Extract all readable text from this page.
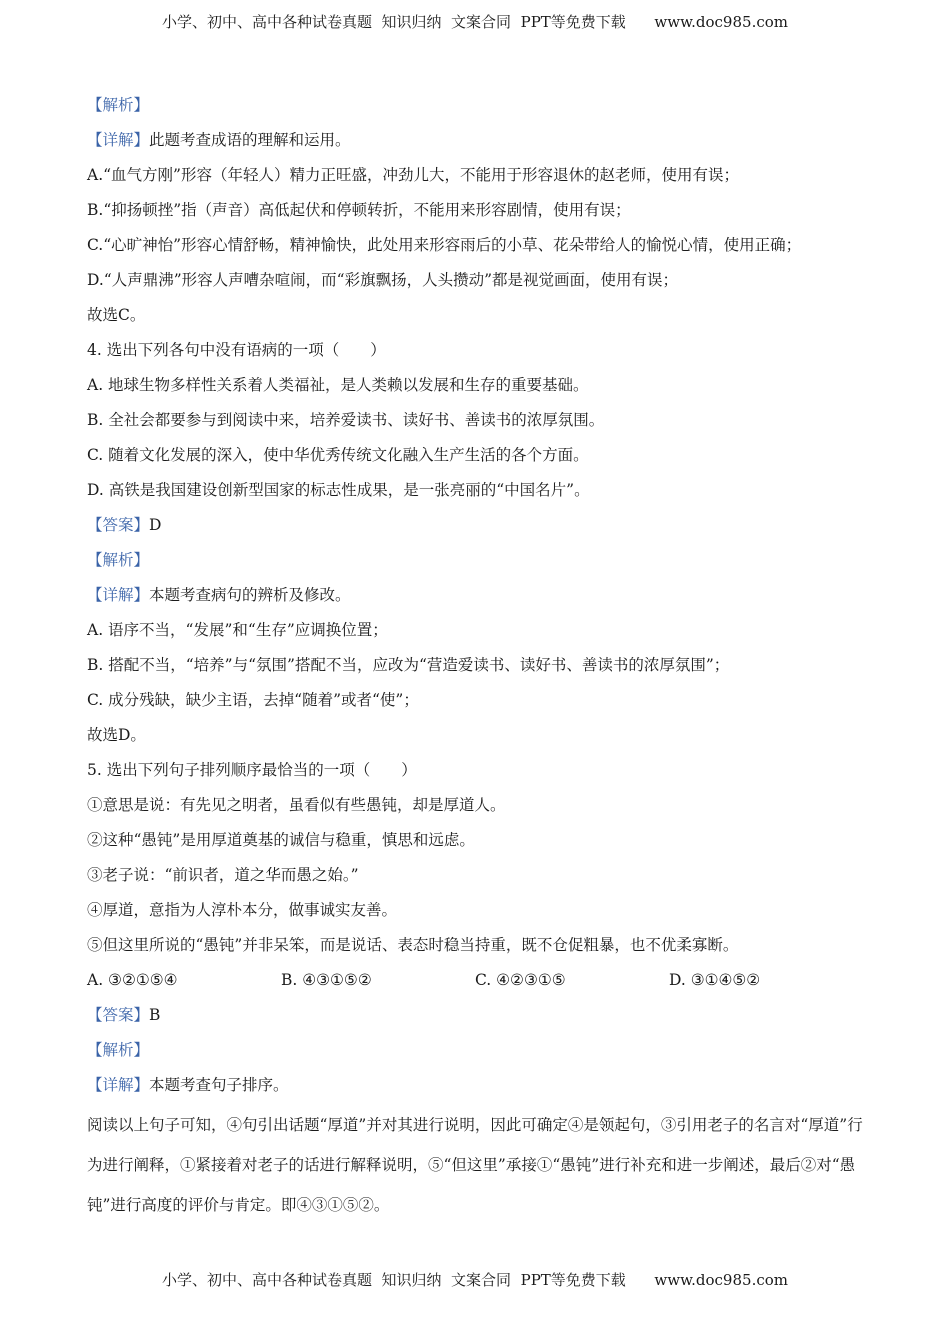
小学、初中、高中各种试卷真题  知识归纳  文案合同  PPT等免费下载      www.doc985.com
【解析】
【详解】此题考查成语的理解和运用。
A.“血气方刚”形容（年轻人）精力正旺盛，冲劲儿大，不能用于形容退休的赵老师，使用有误；
B.“抑扬顿挫”指（声音）高低起伏和停顿转折，不能用来形容剧情，使用有误；
C.“心旷神怡”形容心情舒畅，精神愉快，此处用来形容雨后的小草、花朵带给人的愉悦心情，使用正确；
D.“人声鼎沸”形容人声嘈杂喧闹，而“彩旗飘扬，人头攒动”都是视觉画面，使用有误；
故选C。
4. 选出下列各句中没有语病的一项（　　）
A. 地球生物多样性关系着人类福祉，是人类赖以发展和生存的重要基础。
B. 全社会都要参与到阅读中来，培养爱读书、读好书、善读书的浓厚氛围。
C. 随着文化发展的深入，使中华优秀传统文化融入生产生活的各个方面。
D. 高铁是我国建设创新型国家的标志性成果，是一张亮丽的“中国名片”。
【答案】D
【解析】
【详解】本题考查病句的辨析及修改。
A. 语序不当，“发展”和“生存”应调换位置；
B. 搭配不当，“培养”与“氛围”搭配不当，应改为“营造爱读书、读好书、善读书的浓厚氛围”；
C. 成分残缺，缺少主语，去掉“随着”或者“使”；
故选D。
5. 选出下列句子排列顺序最恰当的一项（　　）
①意思是说：有先见之明者，虽看似有些愚钝，却是厚道人。
②这种“愚钝”是用厚道奠基的诚信与稳重，慎思和远虑。
③老子说：“前识者，道之华而愚之始。”
④厚道，意指为人淳朴本分，做事诚实友善。
⑤但这里所说的“愚钝”并非呆笨，而是说话、表态时稳当持重，既不仓促粗暴，也不优柔寡断。
A. ③②①⑤④	B. ④③①⑤②	C. ④②③①⑤	D. ③①④⑤②
【答案】B
【解析】
【详解】本题考查句子排序。
阅读以上句子可知，④句引出话题“厚道”并对其进行说明，因此可确定④是领起句，③引用老子的名言对“厚道”行为进行阐释，①紧接着对老子的话进行解释说明，⑤“但这里”承接①“愚钝”进行补充和进一步阐述，最后②对“愚钝”进行高度的评价与肯定。即④③①⑤②。
小学、初中、高中各种试卷真题  知识归纳  文案合同  PPT等免费下载      www.doc985.com
